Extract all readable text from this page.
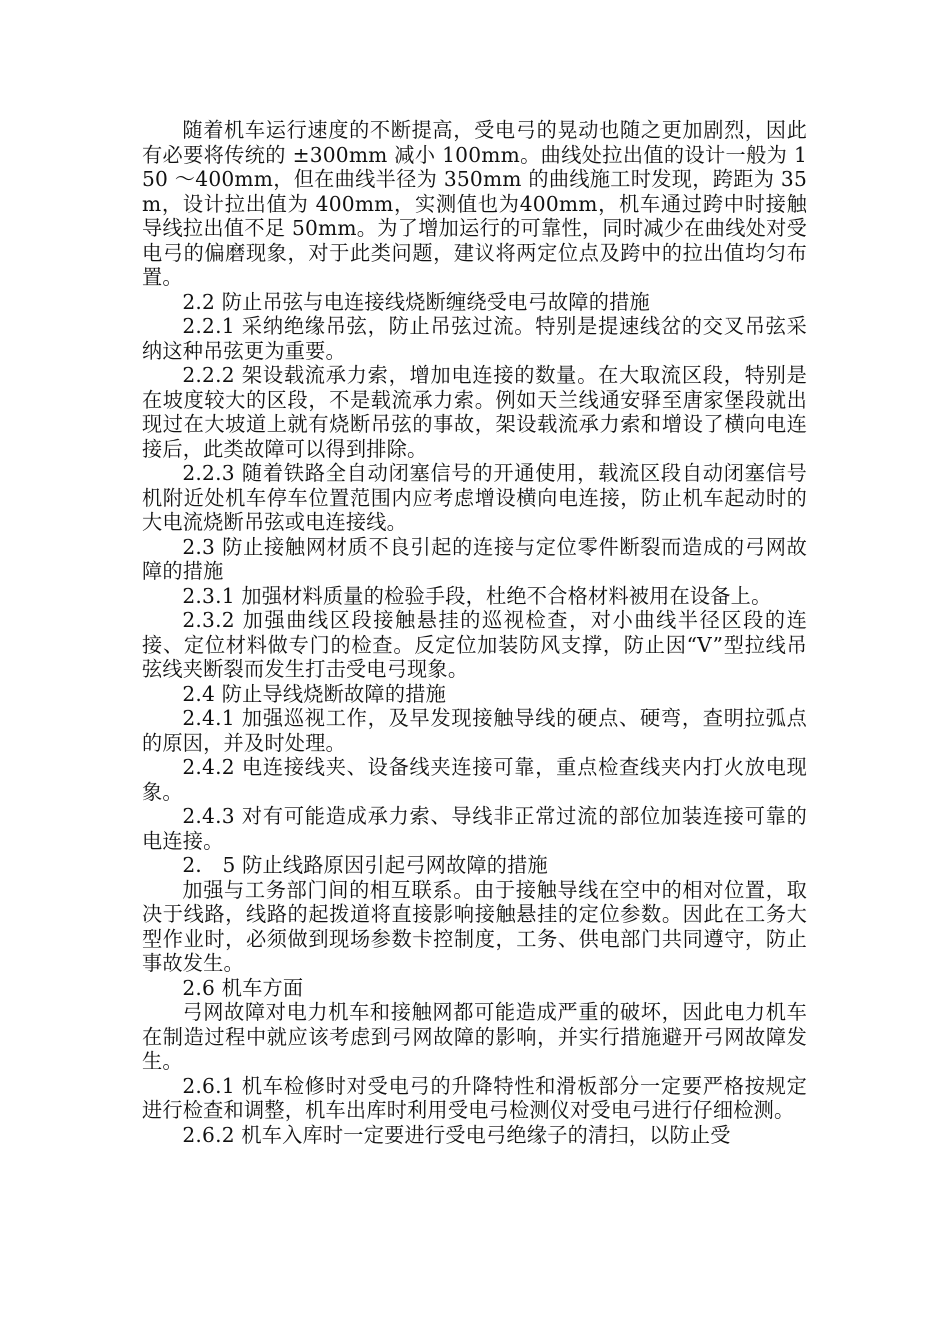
随着机车运行速度的不断提高，受电弓的晃动也随之更加剧烈，因此有必要将传统的 ±300mm 减小 100mm。曲线处拉出值的设计一般为 150 ～400mm，但在曲线半径为 350mm 的曲线施工时发现，跨距为 35m，设计拉出值为 400mm，实测值也为400mm，机车通过跨中时接触导线拉出值不足 50mm。为了增加运行的可靠性，同时减少在曲线处对受电弓的偏磨现象，对于此类问题，建议将两定位点及跨中的拉出值均匀布置。

2.2 防止吊弦与电连接线烧断缠绕受电弓故障的措施

2.2.1 采纳绝缘吊弦，防止吊弦过流。特别是提速线岔的交叉吊弦采纳这种吊弦更为重要。

2.2.2 架设载流承力索，增加电连接的数量。在大取流区段，特别是在坡度较大的区段，不是载流承力索。例如天兰线通安驿至唐家堡段就出现过在大坡道上就有烧断吊弦的事故，架设载流承力索和增设了横向电连接后，此类故障可以得到排除。

2.2.3 随着铁路全自动闭塞信号的开通使用，载流区段自动闭塞信号机附近处机车停车位置范围内应考虑增设横向电连接，防止机车起动时的大电流烧断吊弦或电连接线。

2.3 防止接触网材质不良引起的连接与定位零件断裂而造成的弓网故障的措施

2.3.1 加强材料质量的检验手段，杜绝不合格材料被用在设备上。

2.3.2 加强曲线区段接触悬挂的巡视检查，对小曲线半径区段的连接、定位材料做专门的检查。反定位加装防风支撑，防止因“V”型拉线吊弦线夹断裂而发生打击受电弓现象。

2.4 防止导线烧断故障的措施

2.4.1 加强巡视工作，及早发现接触导线的硬点、硬弯，查明拉弧点的原因，并及时处理。

2.4.2 电连接线夹、设备线夹连接可靠，重点检查线夹内打火放电现象。

2.4.3 对有可能造成承力索、导线非正常过流的部位加装连接可靠的电连接。

2． 5 防止线路原因引起弓网故障的措施

加强与工务部门间的相互联系。由于接触导线在空中的相对位置，取决于线路，线路的起拨道将直接影响接触悬挂的定位参数。因此在工务大型作业时，必须做到现场参数卡控制度，工务、供电部门共同遵守，防止事故发生。

2.6 机车方面

弓网故障对电力机车和接触网都可能造成严重的破坏，因此电力机车在制造过程中就应该考虑到弓网故障的影响，并实行措施避开弓网故障发生。

2.6.1 机车检修时对受电弓的升降特性和滑板部分一定要严格按规定进行检查和调整，机车出库时利用受电弓检测仪对受电弓进行仔细检测。

2.6.2 机车入库时一定要进行受电弓绝缘子的清扫，以防止受
